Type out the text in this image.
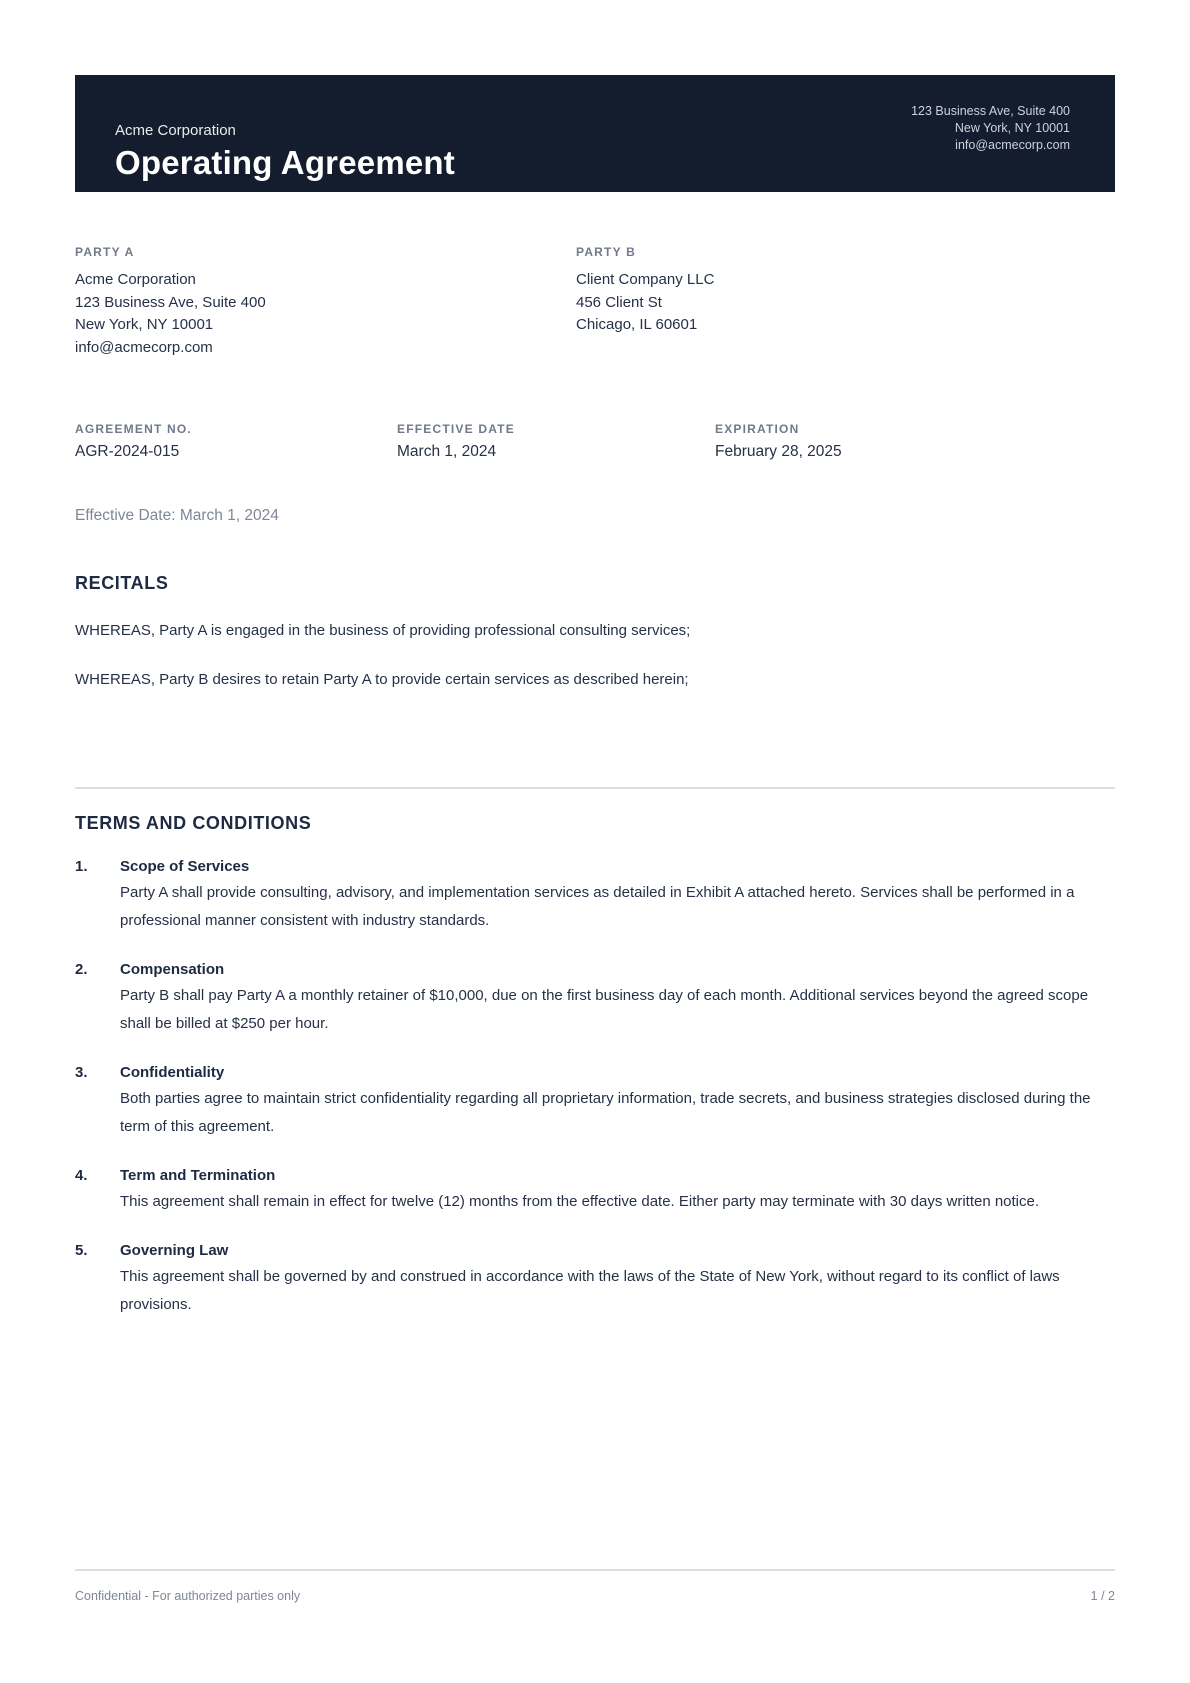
Acme Corporation
Operating Agreement
123 Business Ave, Suite 400
New York, NY 10001
info@acmecorp.com
PARTY A
Acme Corporation
123 Business Ave, Suite 400
New York, NY 10001
info@acmecorp.com
PARTY B
Client Company LLC
456 Client St
Chicago, IL 60601
AGREEMENT NO.
AGR-2024-015
EFFECTIVE DATE
March 1, 2024
EXPIRATION
February 28, 2025
Effective Date: March 1, 2024
RECITALS

WHEREAS, Party A is engaged in the business of providing professional consulting services;

WHEREAS, Party B desires to retain Party A to provide certain services as described herein;

TERMS AND CONDITIONS
1.	Scope of Services
Party A shall provide consulting, advisory, and implementation services as detailed in Exhibit A attached hereto. Services shall be performed in a professional manner consistent with industry standards.
2.	Compensation
Party B shall pay Party A a monthly retainer of $10,000, due on the first business day of each month. Additional services beyond the agreed scope shall be billed at $250 per hour.
3.	Confidentiality
Both parties agree to maintain strict confidentiality regarding all proprietary information, trade secrets, and business strategies disclosed during the term of this agreement.
4.	Term and Termination
This agreement shall remain in effect for twelve (12) months from the effective date. Either party may terminate with 30 days written notice.
5.	Governing Law
This agreement shall be governed by and construed in accordance with the laws of the State of New York, without regard to its conflict of laws provisions.
Confidential - For authorized parties only	1 / 2
